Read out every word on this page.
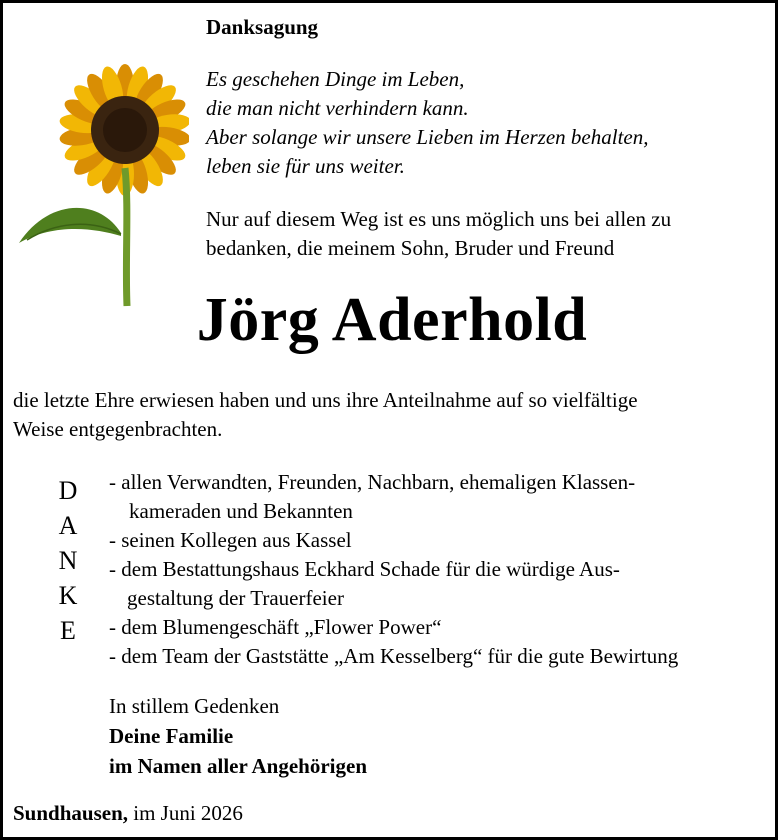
Danksagung
Es geschehen Dinge im Leben,
die man nicht verhindern kann.
Aber solange wir unsere Lieben im Herzen behalten,
leben sie für uns weiter.
Nur auf diesem Weg ist es uns möglich uns bei allen zu
bedanken, die meinem Sohn, Bruder und Freund
Jörg Aderhold
die letzte Ehre erwiesen haben und uns ihre Anteilnahme auf so vielfältige
Weise entgegenbrachten.
D
A
N
K
E
- allen Verwandten, Freunden, Nachbarn, ehemaligen Klassen-
kameraden und Bekannten
- seinen Kollegen aus Kassel
- dem Bestattungshaus Eckhard Schade für die würdige Aus-
gestaltung der Trauerfeier
- dem Blumengeschäft „Flower Power“
- dem Team der Gaststätte „Am Kesselberg“ für die gute Bewirtung
In stillem Gedenken
Deine Familie
im Namen aller Angehörigen
Sundhausen, im Juni 2026
